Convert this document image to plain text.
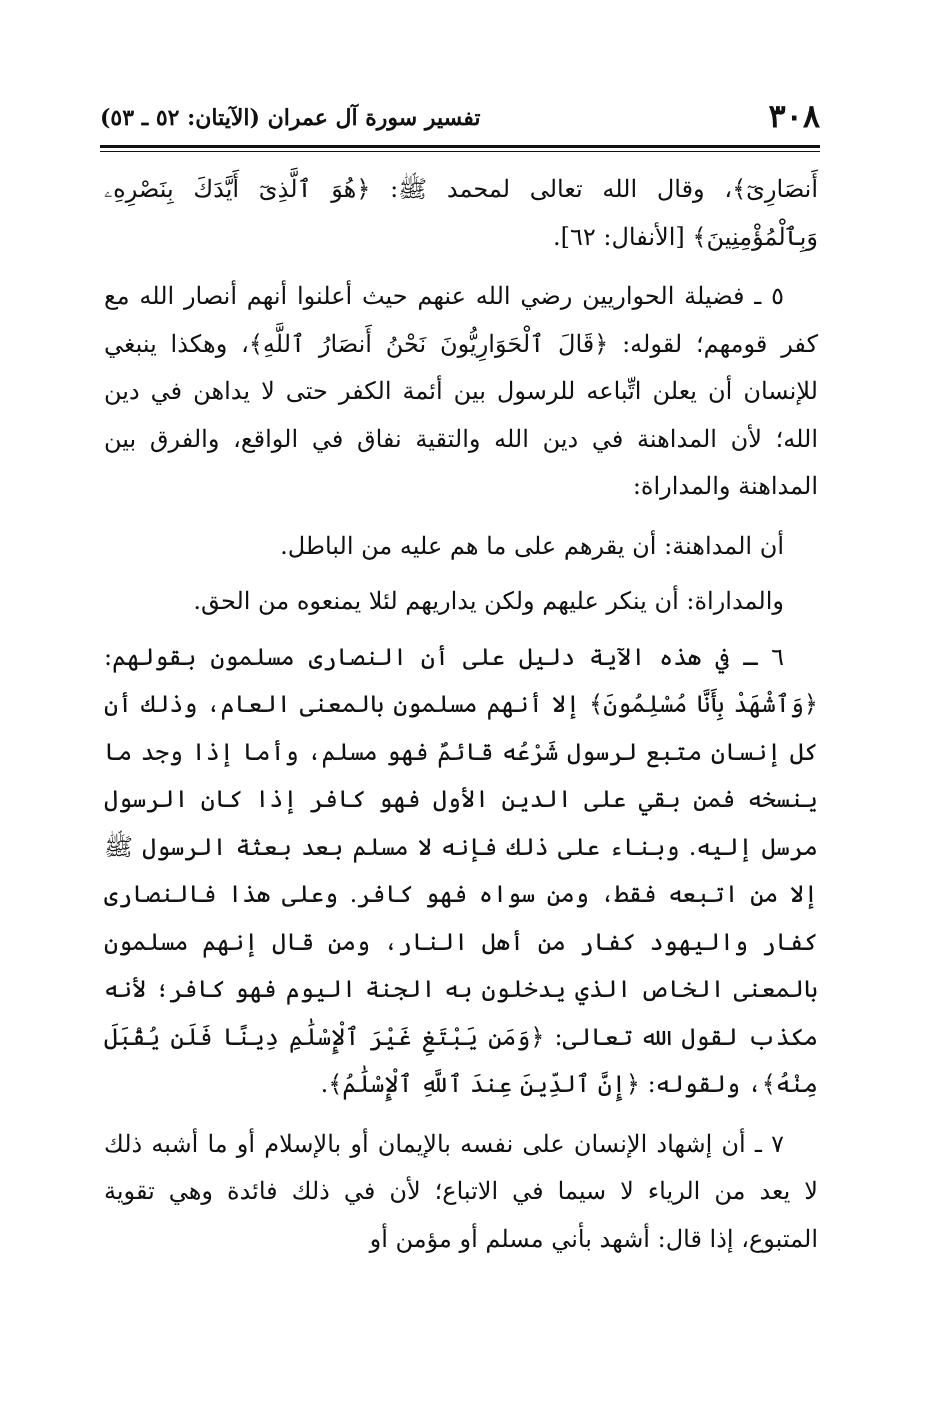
٣٠٨
تفسير سورة آل عمران (الآيتان: ٥٢ ـ ٥٣)

أَنصَارِىٓ﴾، وقال الله تعالى لمحمد ﷺ: ﴿هُوَ ٱلَّذِىٓ أَيَّدَكَ بِنَصْرِهِۦ وَبِٱلْمُؤْمِنِينَ﴾ [الأنفال: ٦٢].

٥ ـ فضيلة الحواريين رضي الله عنهم حيث أعلنوا أنهم أنصار الله مع كفر قومهم؛ لقوله: ﴿قَالَ ٱلْحَوَارِيُّونَ نَحْنُ أَنصَارُ ٱللَّهِ﴾، وهكذا ينبغي للإنسان أن يعلن اتِّباعه للرسول بين أئمة الكفر حتى لا يداهن في دين الله؛ لأن المداهنة في دين الله والتقية نفاق في الواقع، والفرق بين المداهنة والمداراة:

أن المداهنة: أن يقرهم على ما هم عليه من الباطل.

والمداراة: أن ينكر عليهم ولكن يداريهم لئلا يمنعوه من الحق.

٦ ـ في هذه الآية دليل على أن النصارى مسلمون بقولهم: ﴿وَٱشْهَدْ بِأَنَّا مُسْلِمُونَ﴾ إلا أنهم مسلمون بالمعنى العام، وذلك أن كل إنسان متبع لرسول شَرْعُه قائمٌ فهو مسلم، وأما إذا وجد ما ينسخه فمن بقي على الدين الأول فهو كافر إذا كان الرسول مرسل إليه. وبناء على ذلك فإنه لا مسلم بعد بعثة الرسول ﷺ إلا من اتبعه فقط، ومن سواه فهو كافر. وعلى هذا فالنصارى كفار واليهود كفار من أهل النار، ومن قال إنهم مسلمون بالمعنى الخاص الذي يدخلون به الجنة اليوم فهو كافر؛ لأنه مكذب لقول الله تعالى: ﴿وَمَن يَبْتَغِ غَيْرَ ٱلْإِسْلَٰمِ دِينًا فَلَن يُقْبَلَ مِنْهُ﴾، ولقوله: ﴿إِنَّ ٱلدِّينَ عِندَ ٱللَّهِ ٱلْإِسْلَٰمُ﴾.

٧ ـ أن إشهاد الإنسان على نفسه بالإيمان أو بالإسلام أو ما أشبه ذلك لا يعد من الرياء لا سيما في الاتباع؛ لأن في ذلك فائدة وهي تقوية المتبوع، إذا قال: أشهد بأني مسلم أو مؤمن أو
